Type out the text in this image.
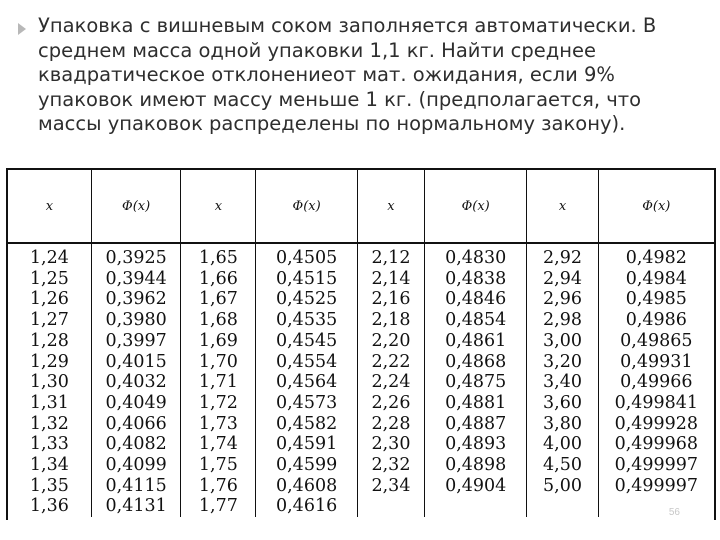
Упаковка с вишневым соком заполняется автоматически. В
среднем масса одной упаковки 1,1 кг. Найти среднее
квадратическое отклонениеот мат. ожидания, если 9%
упаковок имеют массу меньше 1 кг. (предполагается, что
массы упаковок распределены по нормальному закону).
x	Φ(x)	x	Φ(x)	x	Φ(x)	x	Φ(x)
1,24	0,3925	1,65	0,4505	2,12	0,4830	2,92	0,4982
1,25	0,3944	1,66	0,4515	2,14	0,4838	2,94	0,4984
1,26	0,3962	1,67	0,4525	2,16	0,4846	2,96	0,4985
1,27	0,3980	1,68	0,4535	2,18	0,4854	2,98	0,4986
1,28	0,3997	1,69	0,4545	2,20	0,4861	3,00	0,49865
1,29	0,4015	1,70	0,4554	2,22	0,4868	3,20	0,49931
1,30	0,4032	1,71	0,4564	2,24	0,4875	3,40	0,49966
1,31	0,4049	1,72	0,4573	2,26	0,4881	3,60	0,499841
1,32	0,4066	1,73	0,4582	2,28	0,4887	3,80	0,499928
1,33	0,4082	1,74	0,4591	2,30	0,4893	4,00	0,499968
1,34	0,4099	1,75	0,4599	2,32	0,4898	4,50	0,499997
1,35	0,4115	1,76	0,4608	2,34	0,4904	5,00	0,499997
1,36	0,4131	1,77	0,4616					56
